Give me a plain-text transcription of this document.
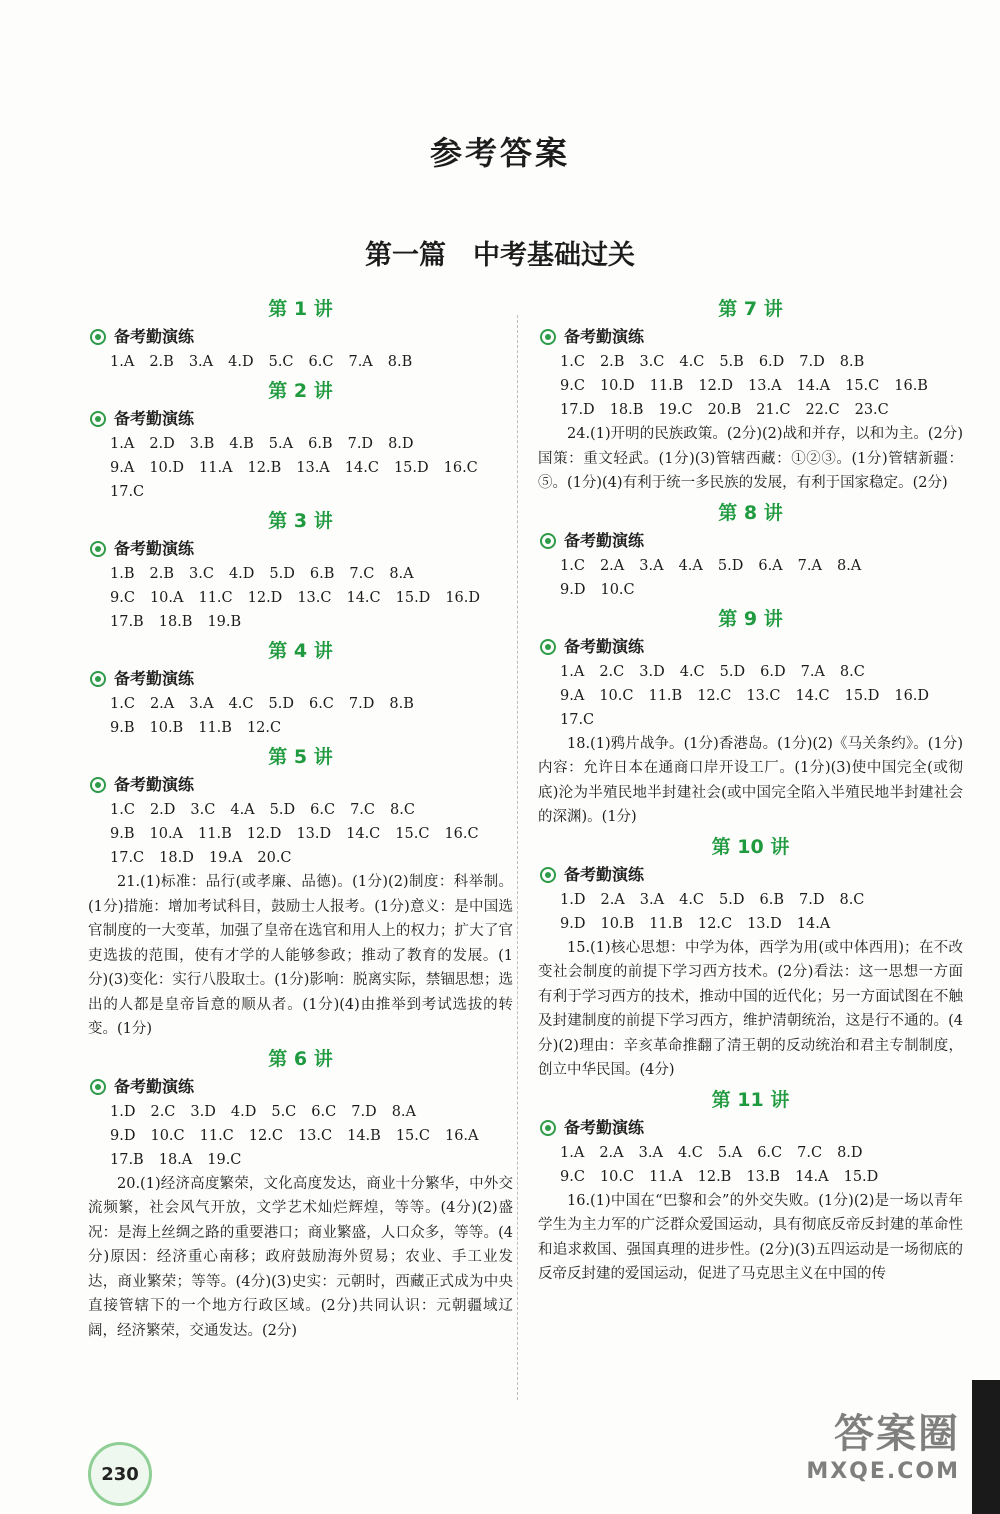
参考答案
第一篇　中考基础过关
第 1 讲
备考勤演练
1.A 2.B 3.A 4.D 5.C 6.C 7.A 8.B
第 2 讲
备考勤演练
1.A 2.D 3.B 4.B 5.A 6.B 7.D 8.D
9.A 10.D 11.A 12.B 13.A 14.C 15.D 16.C
17.C
第 3 讲
备考勤演练
1.B 2.B 3.C 4.D 5.D 6.B 7.C 8.A
9.C 10.A 11.C 12.D 13.C 14.C 15.D 16.D
17.B 18.B 19.B
第 4 讲
备考勤演练
1.C 2.A 3.A 4.C 5.D 6.C 7.D 8.B
9.B 10.B 11.B 12.C
第 5 讲
备考勤演练
1.C 2.D 3.C 4.A 5.D 6.C 7.C 8.C
9.B 10.A 11.B 12.D 13.D 14.C 15.C 16.C
17.C 18.D 19.A 20.C
21.(1)标准：品行(或孝廉、品德)。(1分)(2)制度：科举制。(1分)措施：增加考试科目，鼓励士人报考。(1分)意义：是中国选官制度的一大变革，加强了皇帝在选官和用人上的权力；扩大了官吏选拔的范围，使有才学的人能够参政；推动了教育的发展。(1分)(3)变化：实行八股取士。(1分)影响：脱离实际，禁锢思想；选出的人都是皇帝旨意的顺从者。(1分)(4)由推举到考试选拔的转变。(1分)
第 6 讲
备考勤演练
1.D 2.C 3.D 4.D 5.C 6.C 7.D 8.A
9.D 10.C 11.C 12.C 13.C 14.B 15.C 16.A
17.B 18.A 19.C
20.(1)经济高度繁荣，文化高度发达，商业十分繁华，中外交流频繁，社会风气开放，文学艺术灿烂辉煌，等等。(4分)(2)盛况：是海上丝绸之路的重要港口；商业繁盛，人口众多，等等。(4分)原因：经济重心南移；政府鼓励海外贸易；农业、手工业发达，商业繁荣；等等。(4分)(3)史实：元朝时，西藏正式成为中央直接管辖下的一个地方行政区域。(2分)共同认识：元朝疆域辽阔，经济繁荣，交通发达。(2分)
第 7 讲
备考勤演练
1.C 2.B 3.C 4.C 5.B 6.D 7.D 8.B
9.C 10.D 11.B 12.D 13.A 14.A 15.C 16.B
17.D 18.B 19.C 20.B 21.C 22.C 23.C
24.(1)开明的民族政策。(2分)(2)战和并存，以和为主。(2分)国策：重文轻武。(1分)(3)管辖西藏：①②③。(1分)管辖新疆：⑤。(1分)(4)有利于统一多民族的发展，有利于国家稳定。(2分)
第 8 讲
备考勤演练
1.C 2.A 3.A 4.A 5.D 6.A 7.A 8.A
9.D 10.C
第 9 讲
备考勤演练
1.A 2.C 3.D 4.C 5.D 6.D 7.A 8.C
9.A 10.C 11.B 12.C 13.C 14.C 15.D 16.D
17.C
18.(1)鸦片战争。(1分)香港岛。(1分)(2)《马关条约》。(1分)内容：允许日本在通商口岸开设工厂。(1分)(3)使中国完全(或彻底)沦为半殖民地半封建社会(或中国完全陷入半殖民地半封建社会的深渊)。(1分)
第 10 讲
备考勤演练
1.D 2.A 3.A 4.C 5.D 6.B 7.D 8.C
9.D 10.B 11.B 12.C 13.D 14.A
15.(1)核心思想：中学为体，西学为用(或中体西用)；在不改变社会制度的前提下学习西方技术。(2分)看法：这一思想一方面有利于学习西方的技术，推动中国的近代化；另一方面试图在不触及封建制度的前提下学习西方，维护清朝统治，这是行不通的。(4分)(2)理由：辛亥革命推翻了清王朝的反动统治和君主专制制度，创立中华民国。(4分)
第 11 讲
备考勤演练
1.A 2.A 3.A 4.C 5.A 6.C 7.C 8.D
9.C 10.C 11.A 12.B 13.B 14.A 15.D
16.(1)中国在“巴黎和会”的外交失败。(1分)(2)是一场以青年学生为主力军的广泛群众爱国运动，具有彻底反帝反封建的革命性和追求救国、强国真理的进步性。(2分)(3)五四运动是一场彻底的反帝反封建的爱国运动，促进了马克思主义在中国的传
230
答案圈
MXQE.COM
